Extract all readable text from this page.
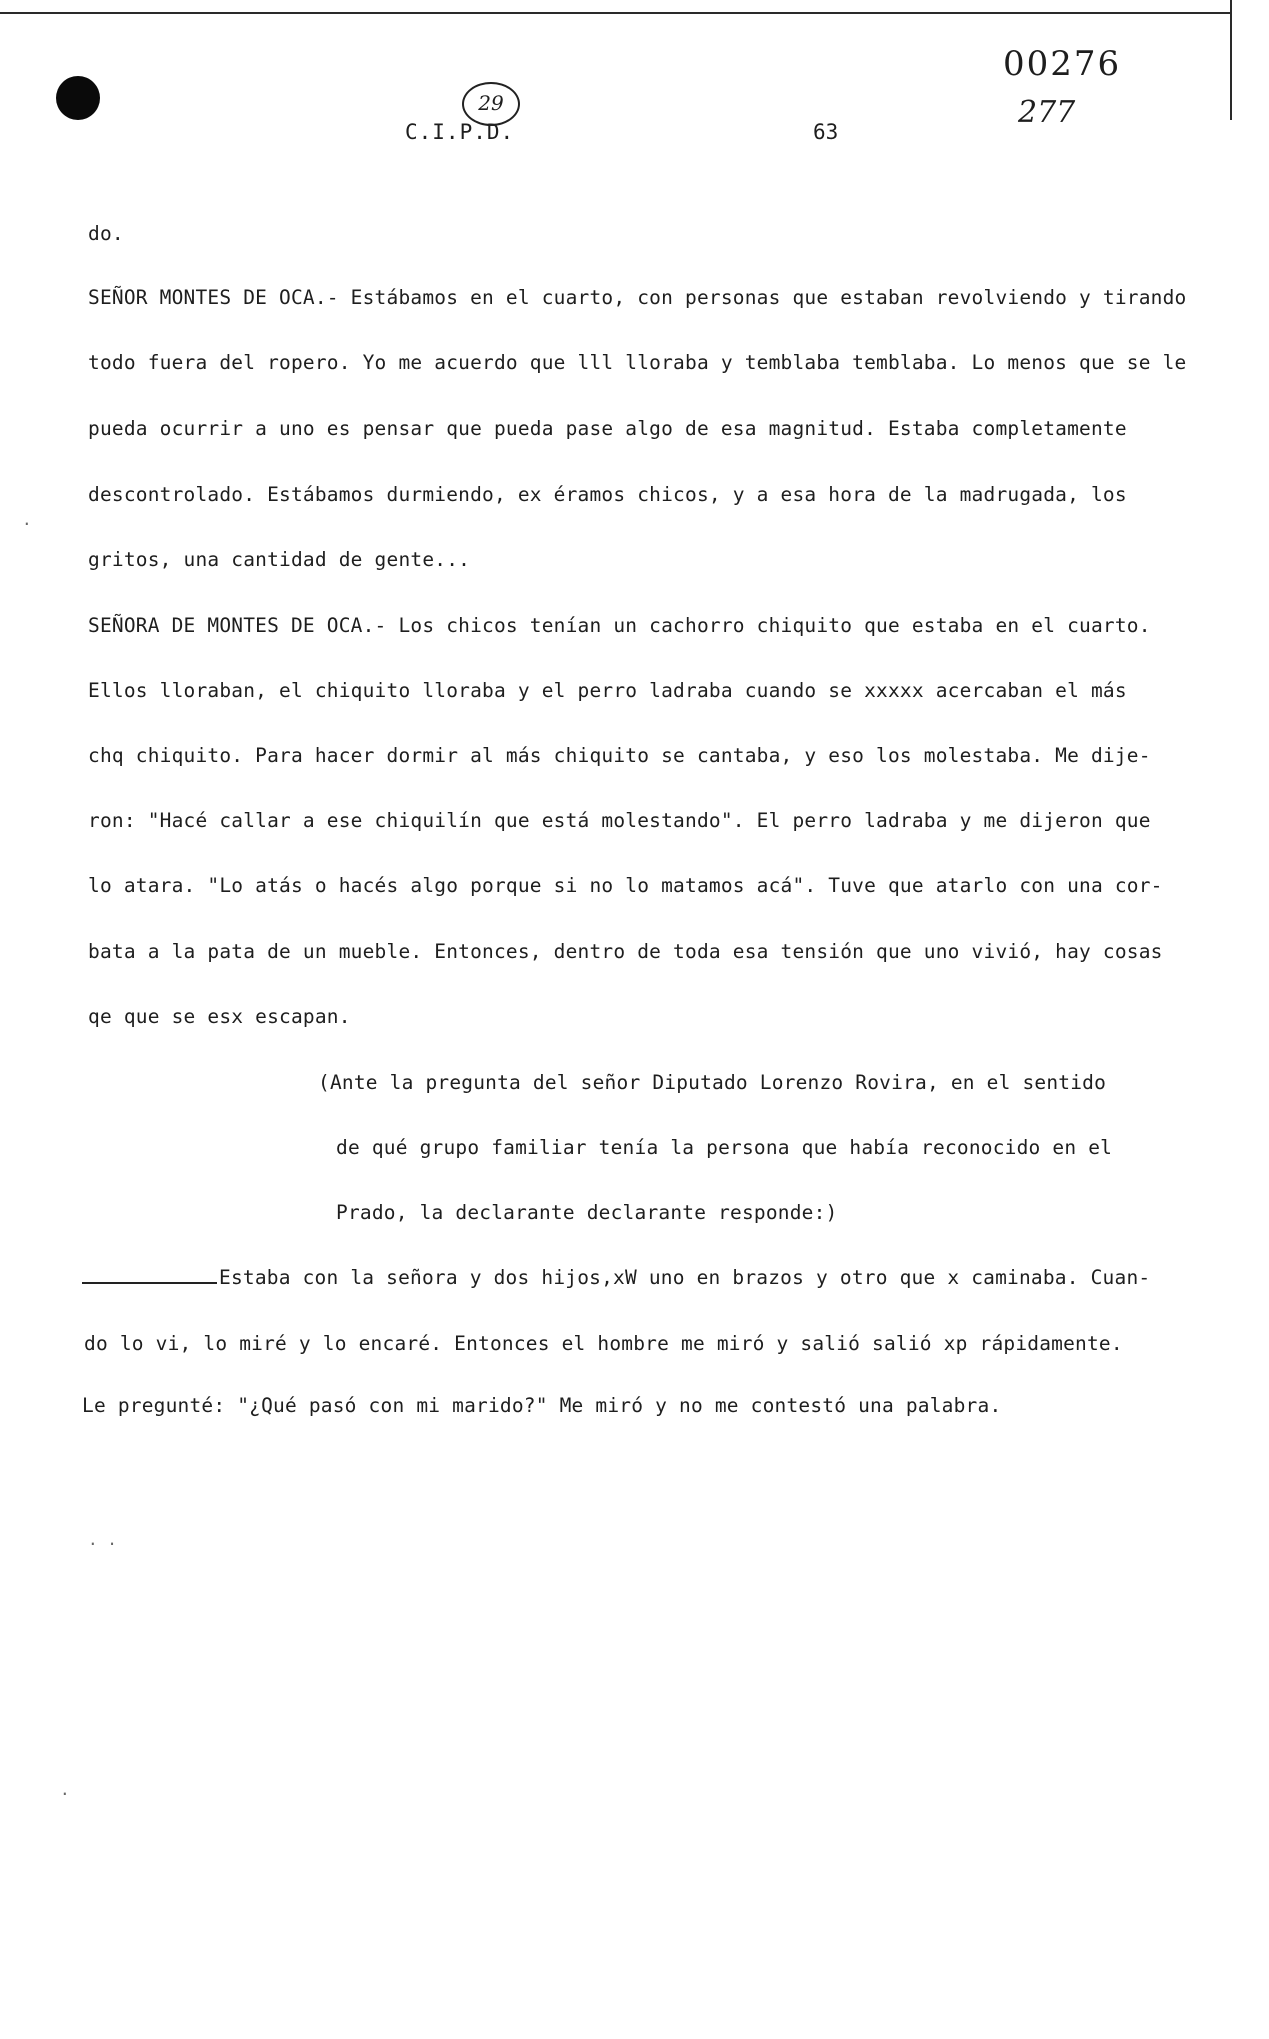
C.I.P.D.
29
63
00276
277
do.
SEÑOR MONTES DE OCA.- Estábamos en el cuarto, con personas que estaban revolviendo y tirando
todo fuera del ropero. Yo me acuerdo que lll lloraba y temblaba temblaba. Lo menos que se le
pueda ocurrir a uno es pensar que pueda pase algo de esa magnitud. Estaba completamente
descontrolado. Estábamos durmiendo, ex éramos chicos, y a esa hora de la madrugada, los
gritos, una cantidad de gente...
SEÑORA DE MONTES DE OCA.- Los chicos tenían un cachorro chiquito que estaba en el cuarto.
Ellos lloraban, el chiquito lloraba y el perro ladraba cuando se xxxxx acercaban el más
chq chiquito. Para hacer dormir al más chiquito se cantaba, y eso los molestaba. Me dije-
ron: "Hacé callar a ese chiquilín que está molestando". El perro ladraba y me dijeron que
lo atara. "Lo atás o hacés algo porque si no lo matamos acá". Tuve que atarlo con una cor-
bata a la pata de un mueble. Entonces, dentro de toda esa tensión que uno vivió, hay cosas
qe que se esx escapan.
(Ante la pregunta del señor Diputado Lorenzo Rovira, en el sentido
de qué grupo familiar tenía la persona que había reconocido en el
Prado, la declarante declarante responde:)
Estaba con la señora y dos hijos,xW uno en brazos y otro que x caminaba. Cuan-
do lo vi, lo miré y lo encaré. Entonces el hombre me miró y salió salió xp rápidamente.
Le pregunté: "¿Qué pasó con mi marido?" Me miró y no me contestó una palabra.
. .
.
.
